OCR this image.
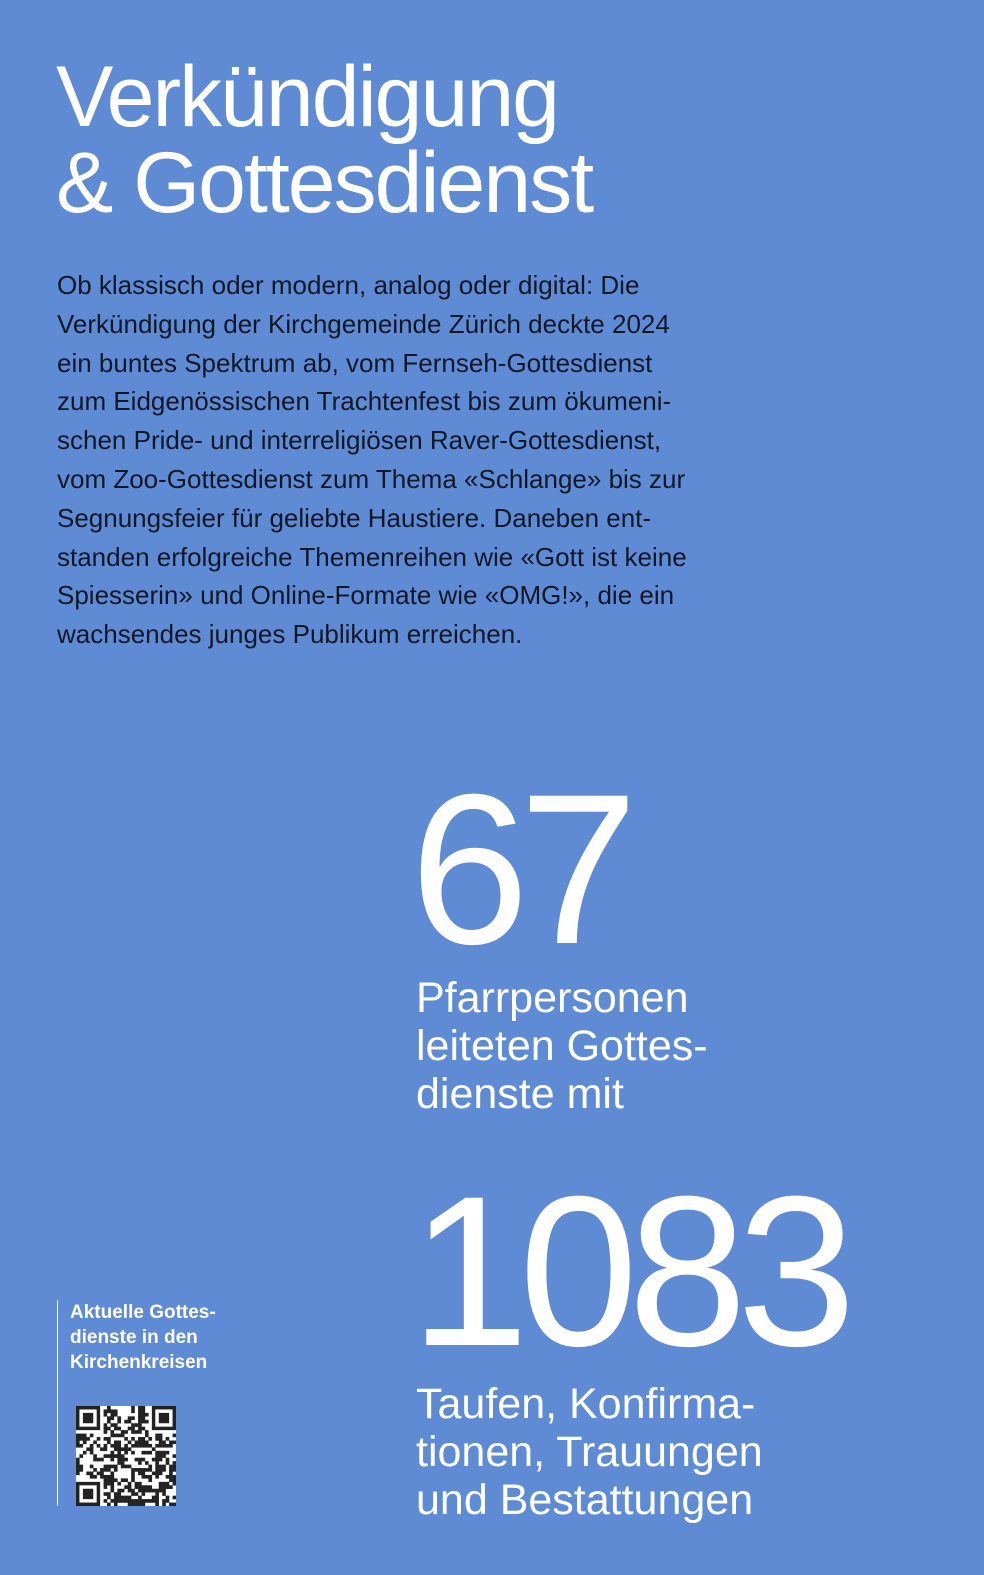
Verkündigung
& Gottesdienst

Ob klassisch oder modern, analog oder digital: Die
Verkündigung der Kirchgemeinde Zürich deckte 2024
ein buntes Spektrum ab, vom Fernseh-Gottesdienst
zum Eidgenössischen Trachtenfest bis zum ökumeni-
schen Pride- und interreligiösen Raver-Gottesdienst,
vom Zoo-Gottesdienst zum Thema «Schlange» bis zur
Segnungsfeier für geliebte Haustiere. Daneben ent-
standen erfolgreiche Themenreihen wie «Gott ist keine
Spiesserin» und Online-Formate wie «OMG!», die ein
wachsendes junges Publikum erreichen.

67
Pfarrpersonen
leiteten Gottes-
dienste mit
1083
Taufen, Konfirma-
tionen, Trauungen
und Bestattungen
Aktuelle Gottes-
dienste in den
Kirchenkreisen
